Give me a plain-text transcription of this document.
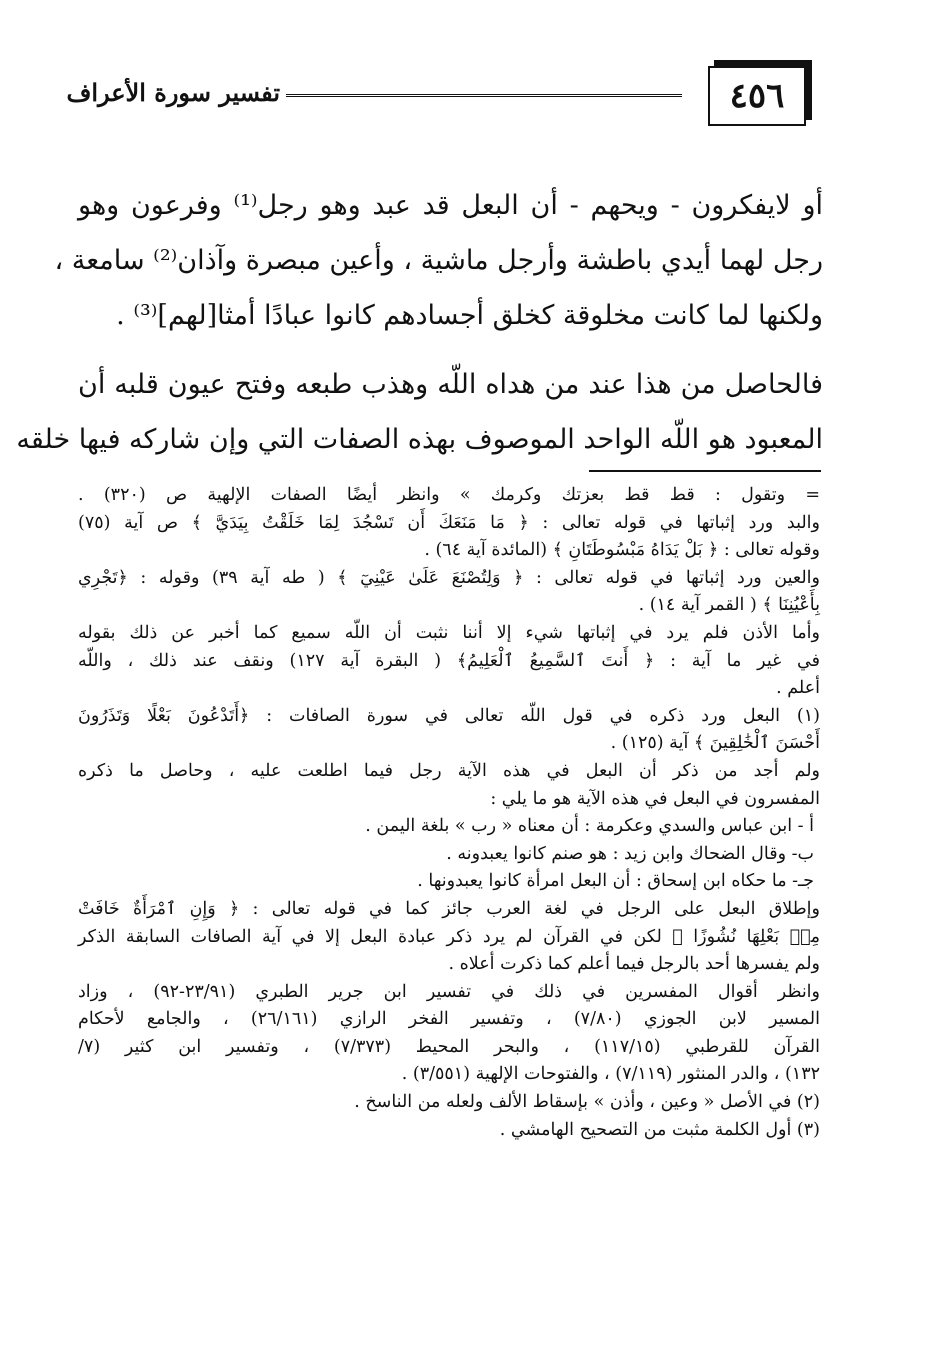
٤٥٦
تفسير سورة الأعراف
أو لايفكرون - ويحهم - أن البعل قد عبد وهو رجل⁽¹⁾ وفرعون وهو
رجل لهما أيدي باطشة وأرجل ماشية ، وأعين مبصرة وآذان⁽²⁾ سامعة ،
ولكنها لما كانت مخلوقة كخلق أجسادهم كانوا عبادًا أمثا[لهم]⁽³⁾ .
فالحاصل من هذا عند من هداه اللّه وهذب طبعه وفتح عيون قلبه أن
المعبود هو اللّه الواحد الموصوف بهذه الصفات التي وإن شاركه فيها خلقه
= وتقول : قط قط بعزتك وكرمك » وانظر أيضًا الصفات الإلهية ص (٣٢٠) .
والبد ورد إثباتها في قوله تعالى : ﴿ مَا مَنَعَكَ أَن تَسْجُدَ لِمَا خَلَقْتُ بِيَدَيَّ ﴾ ص آية (٧٥)
وقوله تعالى : ﴿ بَلْ يَدَاهُ مَبْسُوطَتَانِ ﴾ (المائدة آية ٦٤) .
والعين ورد إثباتها في قوله تعالى : ﴿ وَلِتُصْنَعَ عَلَىٰ عَيْنِيٓ ﴾ ( طه آية ٣٩) وقوله : ﴿تَجْرِي
بِأَعْيُنِنَا ﴾ ( القمر آية ١٤) .
وأما الأذن فلم يرد في إثباتها شيء إلا أننا نثبت أن اللّه سميع كما أخبر عن ذلك بقوله
في غير ما آية : ﴿ أَنتَ ٱلسَّمِيعُ ٱلْعَلِيمُ﴾ ( البقرة آية ١٢٧) ونقف عند ذلك ، واللّه
أعلم .
(١) البعل ورد ذكره في قول اللّه تعالى في سورة الصافات : ﴿أَتَدْعُونَ بَعْلًا وَتَذَرُونَ
أَحْسَنَ ٱلْخَٰلِقِينَ ﴾ آية (١٢٥) .
ولم أجد من ذكر أن البعل في هذه الآية رجل فيما اطلعت عليه ، وحاصل ما ذكره
المفسرون في البعل في هذه الآية هو ما يلي :
أ - ابن عباس والسدي وعكرمة : أن معناه « رب » بلغة اليمن .
ب- وقال الضحاك وابن زيد : هو صنم كانوا يعبدونه .
جـ- ما حكاه ابن إسحاق : أن البعل امرأة كانوا يعبدونها .
وإطلاق البعل على الرجل في لغة العرب جائز كما في قوله تعالى : ﴿ وَإِنِ ٱمْرَأَةٌ خَافَتْ
مِنۢ بَعْلِهَا نُشُوزًا ﴾ لكن في القرآن لم يرد ذكر عبادة البعل إلا في آية الصافات السابقة الذكر
ولم يفسرها أحد بالرجل فيما أعلم كما ذكرت أعلاه .
وانظر أقوال المفسرين في ذلك في تفسير ابن جرير الطبري (٢٣/٩١-٩٢) ، وزاد
المسير لابن الجوزي (٧/٨٠) ، وتفسير الفخر الرازي (٢٦/١٦١) ، والجامع لأحكام
القرآن للقرطبي (١١٧/١٥) ، والبحر المحيط (٧/٣٧٣) ، وتفسير ابن كثير (٧/
١٣٢) ، والدر المنثور (٧/١١٩) ، والفتوحات الإلهية (٣/٥٥١) .
(٢) في الأصل « وعين ، وأذن » بإسقاط الألف ولعله من الناسخ .
(٣) أول الكلمة مثبت من التصحيح الهامشي .
